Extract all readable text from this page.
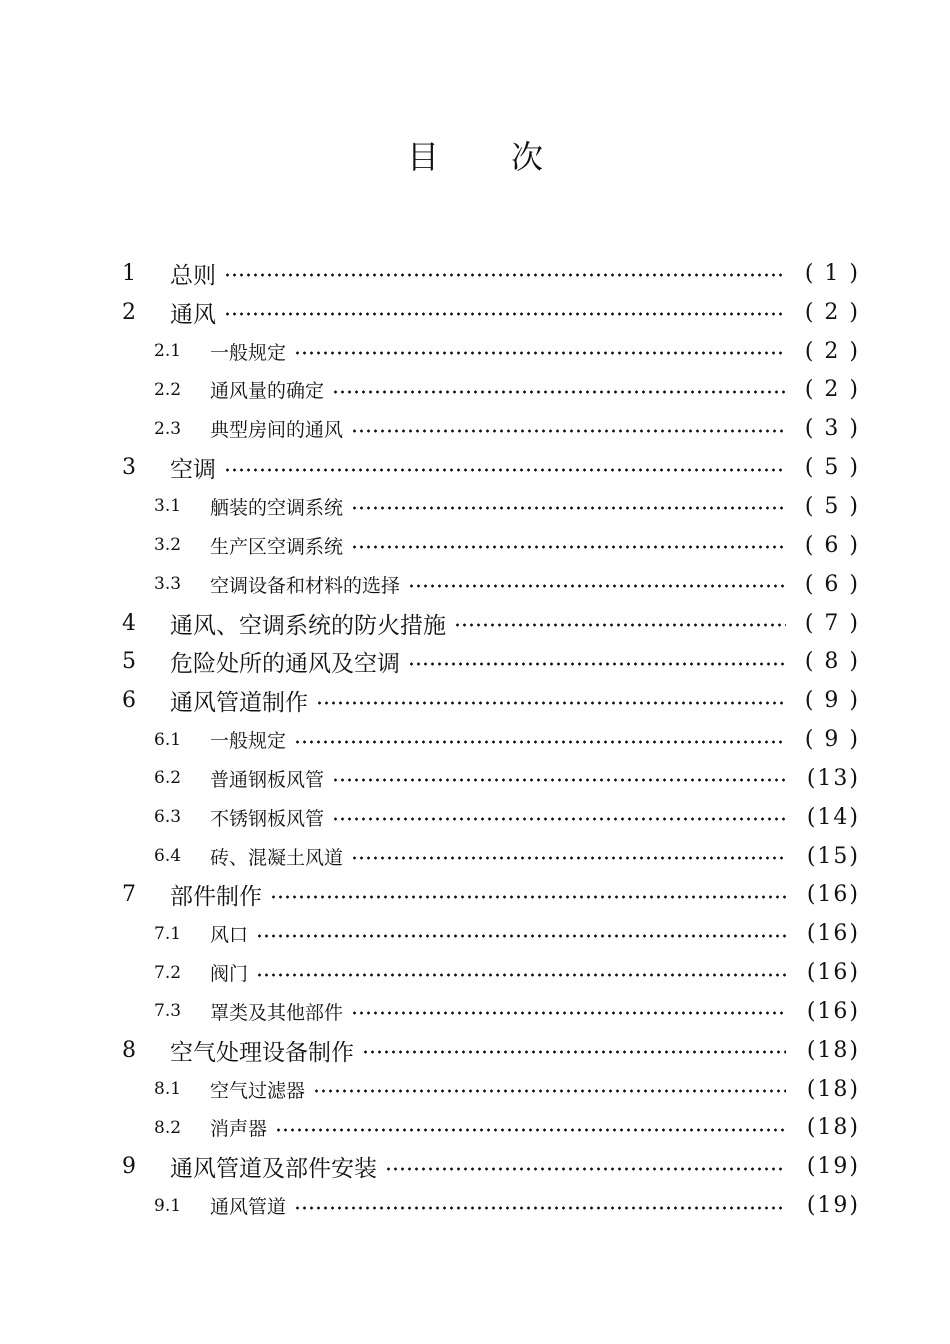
目次
1	总则	( 1 )
2	通风	( 2 )
2.1	一般规定	( 2 )
2.2	通风量的确定	( 2 )
2.3	典型房间的通风	( 3 )
3	空调	( 5 )
3.1	舾装的空调系统	( 5 )
3.2	生产区空调系统	( 6 )
3.3	空调设备和材料的选择	( 6 )
4	通风、空调系统的防火措施	( 7 )
5	危险处所的通风及空调	( 8 )
6	通风管道制作	( 9 )
6.1	一般规定	( 9 )
6.2	普通钢板风管	(13)
6.3	不锈钢板风管	(14)
6.4	砖、混凝土风道	(15)
7	部件制作	(16)
7.1	风口	(16)
7.2	阀门	(16)
7.3	罩类及其他部件	(16)
8	空气处理设备制作	(18)
8.1	空气过滤器	(18)
8.2	消声器	(18)
9	通风管道及部件安装	(19)
9.1	通风管道	(19)
